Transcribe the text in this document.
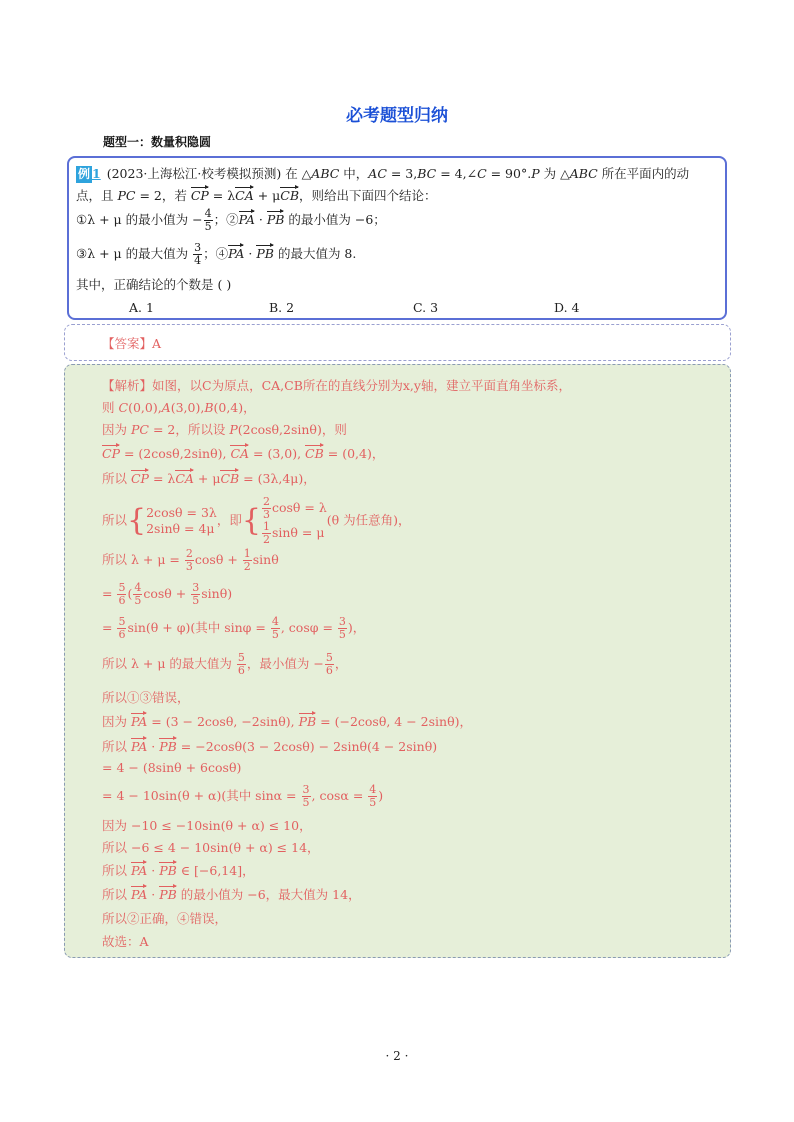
必考题型归纳
题型一：数量积隐圆
例 1 (2023·上海松江·校考模拟预测) 在 △ABC 中，AC = 3,BC = 4,∠C = 90°.P 为 △ABC 所在平面内的动
点，且 PC = 2，若 CP = λCA + μCB，则给出下面四个结论：
①λ + μ 的最小值为 − $\frac{4}{5}$ ；②PA · PB 的最小值为 −6；
③λ + μ 的最大值为 $\frac{3}{4}$ ；④PA · PB 的最大值为 8.
其中，正确结论的个数是 ( )
A. 1	B. 2	C. 3	D. 4
【答案】A
【解析】如图，以C为原点，CA,CB所在的直线分别为x,y轴，建立平面直角坐标系，
则 C(0,0),A(3,0),B(0,4)，
因为 PC = 2，所以设 P(2cosθ,2sinθ)，则
CP = (2cosθ,2sinθ), CA = (3,0), CB = (0,4)，
所以 CP = λCA + μCB = (3λ,4μ)，
所以{2cosθ = 3λ
2sinθ = 4μ，即{ $\frac{2}{3}$ cosθ = λ

$\frac{1}{2}$ sinθ = μ(θ 为任意角)，
所以 $\lambda + \mu = \frac{2}{3}$ $\cos\theta + \frac{1}{2}$ sinθ
= $\frac{5}{6}$ ( $\frac{4}{5}$ $\cos\theta + \frac{3}{5} \sin\theta$)
= $\frac{5}{6} \sin(\theta + \varphi)$(其中 $\sin\varphi = \frac{4}{5}$ , $\cos\varphi = \frac{3}{5}$ )，
所以 λ + μ 的最大值为 $\frac{5}{6}$ ，最小值为 − $\frac{5}{6}$ ，
所以①③错误，
因为 PA = (3 − 2cosθ, −2sinθ), PB = (−2cosθ, 4 − 2sinθ)，
所以 PA · PB = −2cosθ(3 − 2cosθ) − 2sinθ(4 − 2sinθ)
= 4 − (8sinθ + 6cosθ)
= 4 − 10sin(θ + α)(其中 $\sin\alpha = \frac{3}{5}$ , $\cos\alpha = \frac{4}{5}$ )
因为 −10 ≤ −10sin(θ + α) ≤ 10，
所以 −6 ≤ 4 − 10sin(θ + α) ≤ 14，
所以 PA · PB ∈ [−6,14]，
所以 PA · PB 的最小值为 −6，最大值为 14，
所以②正确，④错误，
故选：A
· 2 ·
